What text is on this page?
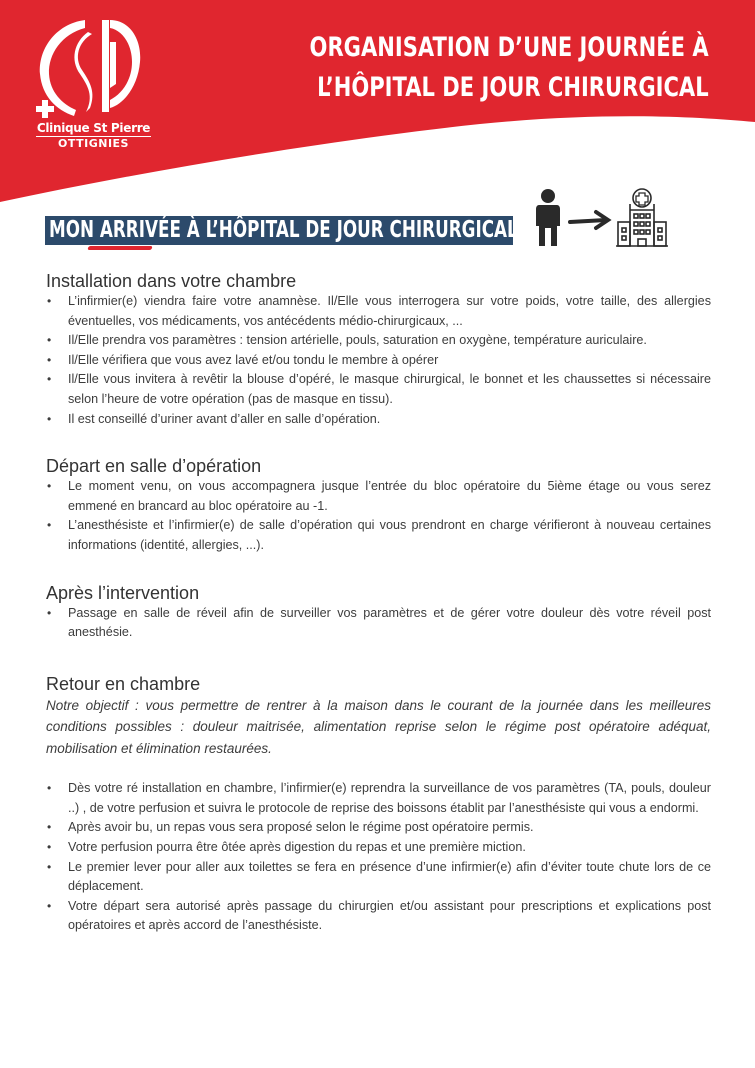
Clinique St Pierre
OTTIGNIES
ORGANISATION D’UNE JOURNÉE À
L’HÔPITAL DE JOUR CHIRURGICAL
MON ARRIVÉE À L’HÔPITAL DE JOUR CHIRURGICAL
Installation dans votre chambre
• L’infirmier(e) viendra faire votre anamnèse. Il/Elle vous interrogera sur votre poids, votre taille, des allergies éventuelles, vos médicaments, vos antécédents médio-chirurgicaux, ...
• Il/Elle prendra vos paramètres : tension artérielle, pouls, saturation en oxygène, température auriculaire.
• Il/Elle vérifiera que vous avez lavé et/ou tondu le membre à opérer
• Il/Elle vous invitera à revêtir la blouse d’opéré, le masque chirurgical, le bonnet et les chaussettes si nécessaire selon l’heure de votre opération (pas de masque en tissu).
• Il est conseillé d’uriner avant d’aller en salle d’opération.
Départ en salle d’opération
• Le moment venu, on vous accompagnera jusque l’entrée du bloc opératoire du 5ième étage ou vous serez emmené en brancard au bloc opératoire au -1.
• L’anesthésiste et l’infirmier(e) de salle d’opération qui vous prendront en charge vérifieront à nouveau certaines informations (identité, allergies, ...).
Après l’intervention
• Passage en salle de réveil afin de surveiller vos paramètres et de gérer votre douleur dès votre réveil post anesthésie.
Retour en chambre

Notre objectif : vous permettre de rentrer à la maison dans le courant de la journée dans les meilleures conditions possibles : douleur maitrisée, alimentation reprise selon le régime post opératoire adéquat, mobilisation et élimination restaurées.

• Dès votre ré installation en chambre, l’infirmier(e) reprendra la surveillance de vos paramètres (TA, pouls, douleur ..) , de votre perfusion et suivra le protocole de reprise des boissons établit par l’anesthésiste qui vous a endormi.
• Après avoir bu, un repas vous sera proposé selon le régime post opératoire permis.
• Votre perfusion pourra être ôtée après digestion du repas et une première miction.
• Le premier lever pour aller aux toilettes se fera en présence d’une infirmier(e) afin d’éviter toute chute lors de ce déplacement.
• Votre départ sera autorisé après passage du chirurgien et/ou assistant pour prescriptions et explications post opératoires et après accord de l’anesthésiste.
